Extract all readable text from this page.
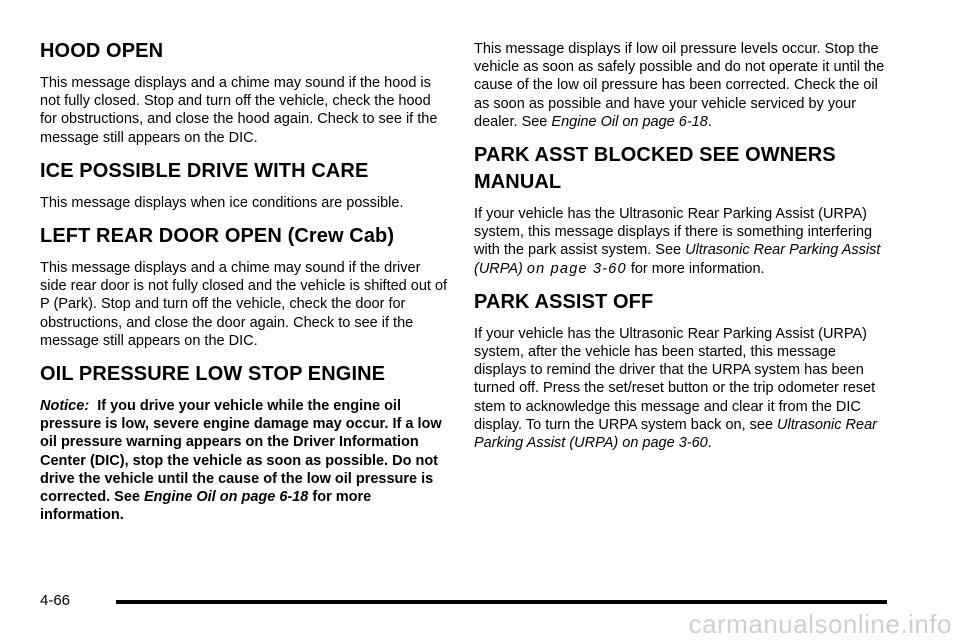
HOOD OPEN

This message displays and a chime may sound if the hood is not fully closed. Stop and turn off the vehicle, check the hood for obstructions, and close the hood again. Check to see if the message still appears on the DIC.

ICE POSSIBLE DRIVE WITH CARE

This message displays when ice conditions are possible.

LEFT REAR DOOR OPEN (Crew Cab)

This message displays and a chime may sound if the driver side rear door is not fully closed and the vehicle is shifted out of P (Park). Stop and turn off the vehicle, check the door for obstructions, and close the door again. Check to see if the message still appears on the DIC.

OIL PRESSURE LOW STOP ENGINE

Notice: If you drive your vehicle while the engine oil pressure is low, severe engine damage may occur. If a low oil pressure warning appears on the Driver Information Center (DIC), stop the vehicle as soon as possible. Do not drive the vehicle until the cause of the low oil pressure is corrected. See Engine Oil on page 6-18 for more information.

This message displays if low oil pressure levels occur. Stop the vehicle as soon as safely possible and do not operate it until the cause of the low oil pressure has been corrected. Check the oil as soon as possible and have your vehicle serviced by your dealer. See Engine Oil on page 6-18.

PARK ASST BLOCKED SEE OWNERS MANUAL

If your vehicle has the Ultrasonic Rear Parking Assist (URPA) system, this message displays if there is something interfering with the park assist system. See Ultrasonic Rear Parking Assist (URPA) on page 3-60 for more information.

PARK ASSIST OFF

If your vehicle has the Ultrasonic Rear Parking Assist (URPA) system, after the vehicle has been started, this message displays to remind the driver that the URPA system has been turned off. Press the set/reset button or the trip odometer reset stem to acknowledge this message and clear it from the DIC display. To turn the URPA system back on, see Ultrasonic Rear Parking Assist (URPA) on page 3-60.

4-66
carmanualsonline.info
